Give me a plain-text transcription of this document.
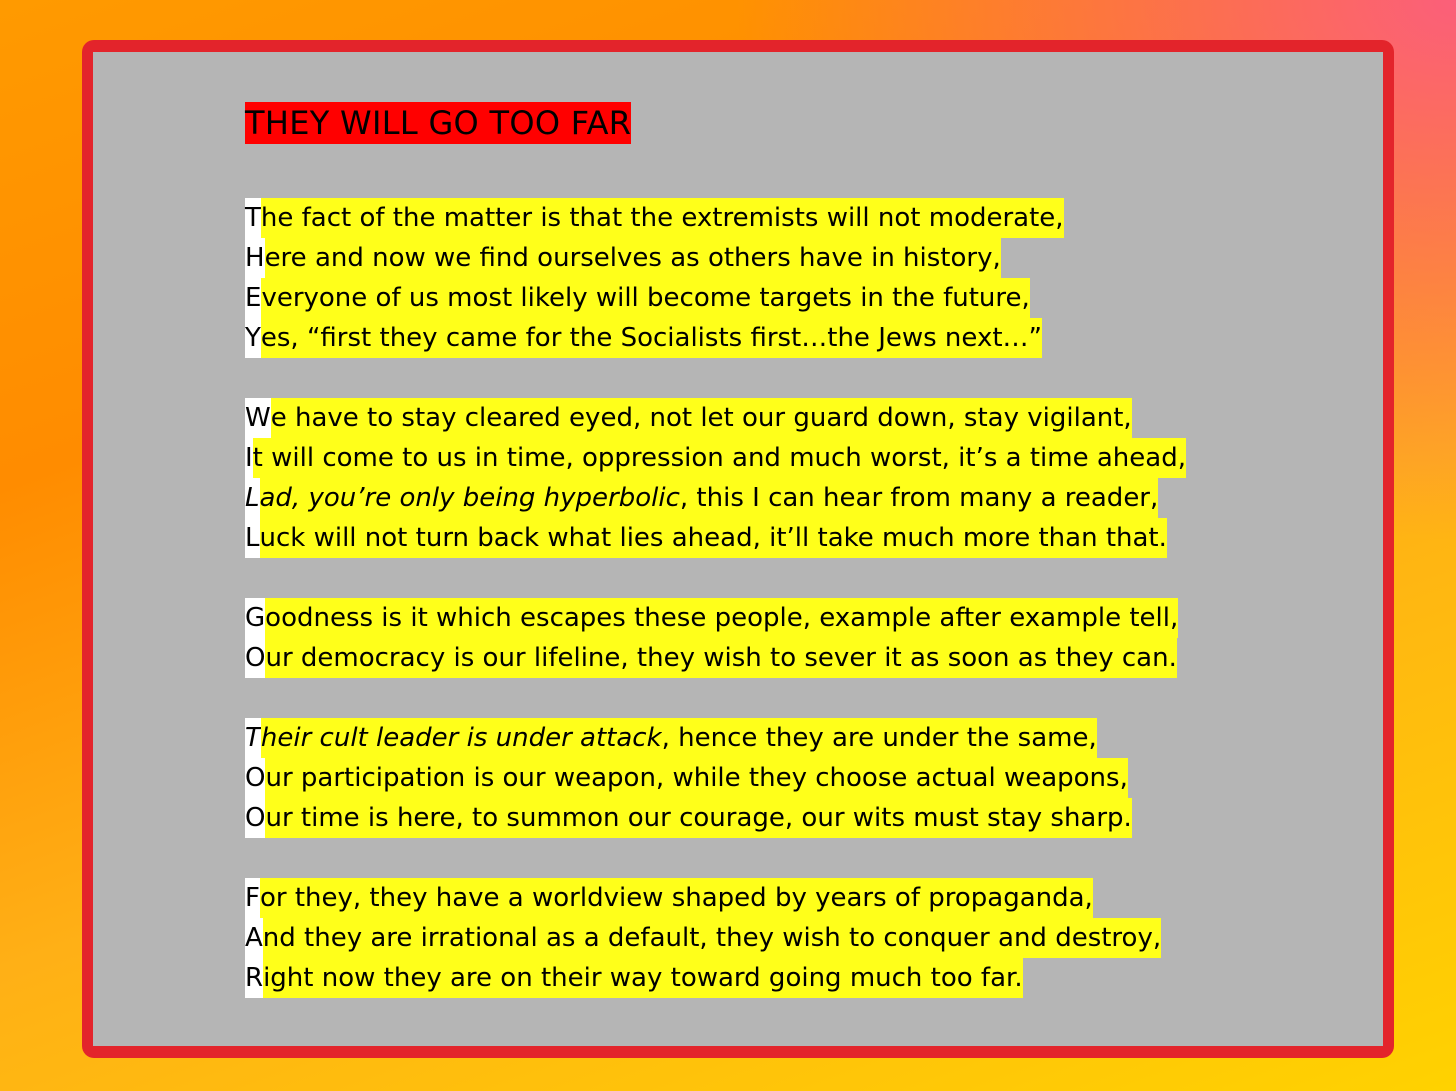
THEY WILL GO TOO FAR
The fact of the matter is that the extremists will not moderate,
Here and now we find ourselves as others have in history,
Everyone of us most likely will become targets in the future,
Yes, “first they came for the Socialists first…the Jews next…”
We have to stay cleared eyed, not let our guard down, stay vigilant,
It will come to us in time, oppression and much worst, it’s a time ahead,
Lad, you’re only being hyperbolic, this I can hear from many a reader,
Luck will not turn back what lies ahead, it’ll take much more than that.
Goodness is it which escapes these people, example after example tell,
Our democracy is our lifeline, they wish to sever it as soon as they can.
Their cult leader is under attack, hence they are under the same,
Our participation is our weapon, while they choose actual weapons,
Our time is here, to summon our courage, our wits must stay sharp.
For they, they have a worldview shaped by years of propaganda,
And they are irrational as a default, they wish to conquer and destroy,
Right now they are on their way toward going much too far.
